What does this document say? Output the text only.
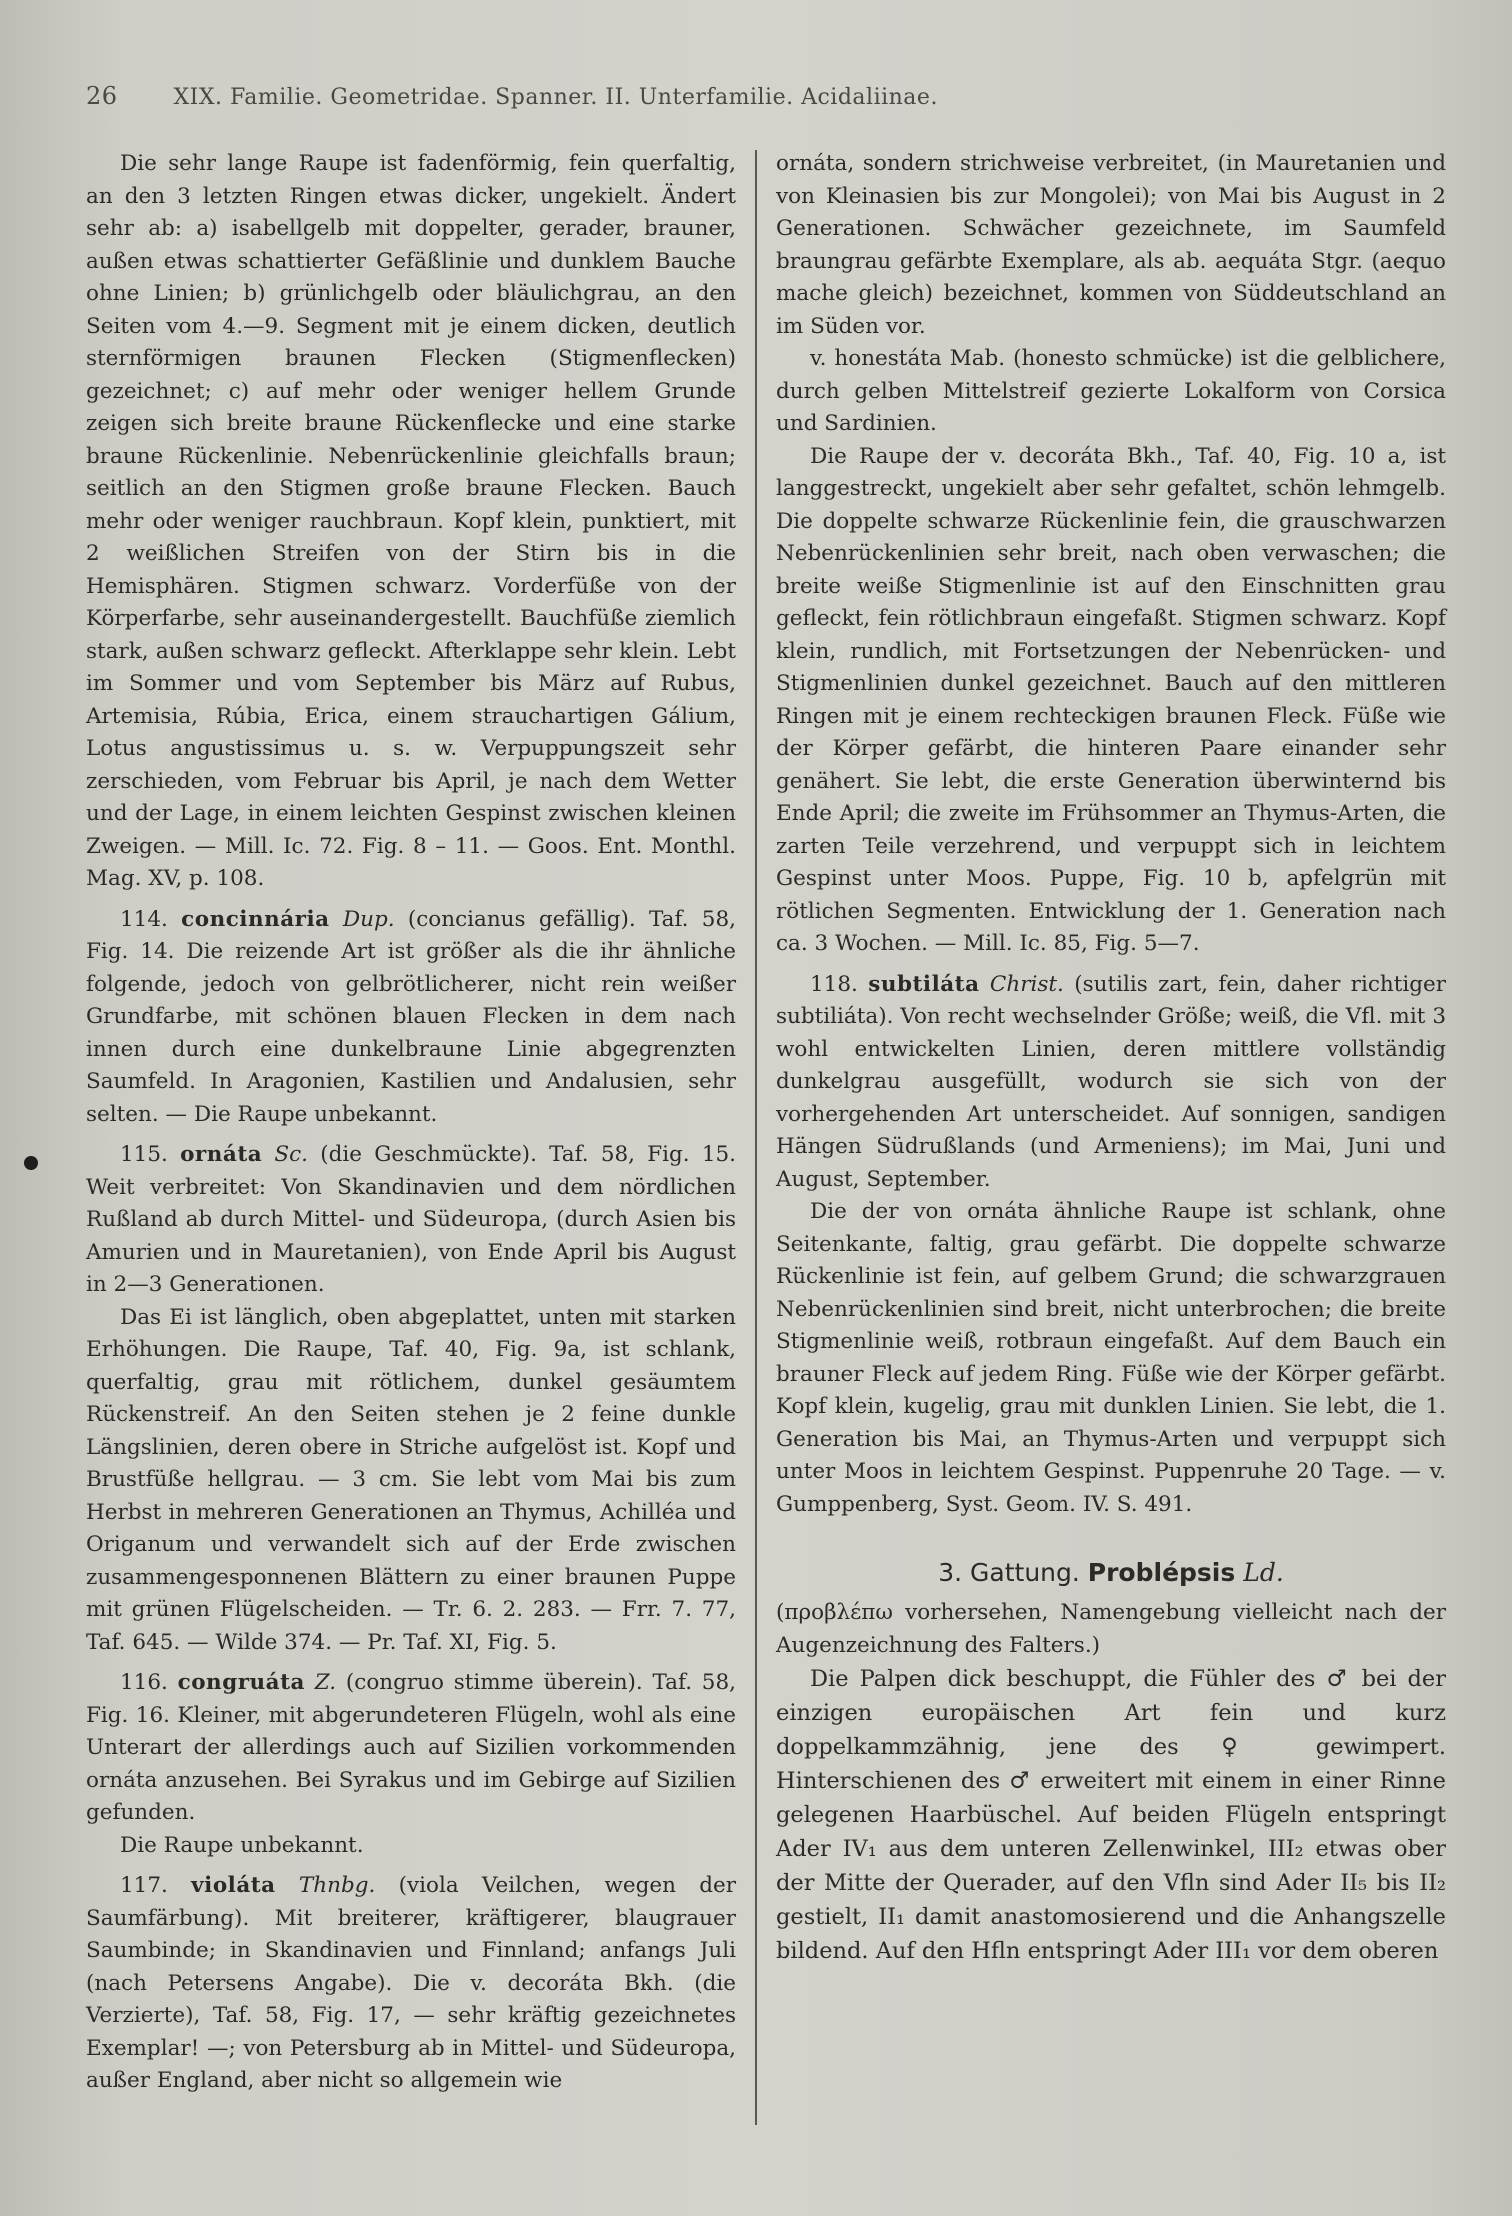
26	XIX. Familie. Geometridae. Spanner. II. Unterfamilie. Acidaliinae.

Die sehr lange Raupe ist fadenförmig, fein querfaltig, an den 3 letzten Ringen etwas dicker, ungekielt. Ändert sehr ab: a) isabellgelb mit doppelter, gerader, brauner, außen etwas schattierter Gefäßlinie und dunklem Bauche ohne Linien; b) grünlichgelb oder bläulichgrau, an den Seiten vom 4.—9. Segment mit je einem dicken, deutlich sternförmigen braunen Flecken (Stigmenflecken) gezeichnet; c) auf mehr oder weniger hellem Grunde zeigen sich breite braune Rückenflecke und eine starke braune Rückenlinie. Nebenrückenlinie gleichfalls braun; seitlich an den Stigmen große braune Flecken. Bauch mehr oder weniger rauchbraun. Kopf klein, punktiert, mit 2 weißlichen Streifen von der Stirn bis in die Hemisphären. Stigmen schwarz. Vorderfüße von der Körperfarbe, sehr auseinandergestellt. Bauchfüße ziemlich stark, außen schwarz gefleckt. Afterklappe sehr klein. Lebt im Sommer und vom September bis März auf Rubus, Artemisia, Rúbia, Erica, einem strauchartigen Gálium, Lotus angustissimus u. s. w. Verpuppungszeit sehr zerschieden, vom Februar bis April, je nach dem Wetter und der Lage, in einem leichten Gespinst zwischen kleinen Zweigen. — Mill. Ic. 72. Fig. 8 – 11. — Goos. Ent. Monthl. Mag. XV, p. 108.

114. concinnária Dup. (concianus gefällig). Taf. 58, Fig. 14. Die reizende Art ist größer als die ihr ähnliche folgende, jedoch von gelbrötlicherer, nicht rein weißer Grundfarbe, mit schönen blauen Flecken in dem nach innen durch eine dunkelbraune Linie abgegrenzten Saumfeld. In Aragonien, Kastilien und Andalusien, sehr selten. — Die Raupe unbekannt.

115. ornáta Sc. (die Geschmückte). Taf. 58, Fig. 15. Weit verbreitet: Von Skandinavien und dem nördlichen Rußland ab durch Mittel- und Südeuropa, (durch Asien bis Amurien und in Mauretanien), von Ende April bis August in 2—3 Generationen.

Das Ei ist länglich, oben abgeplattet, unten mit starken Erhöhungen. Die Raupe, Taf. 40, Fig. 9a, ist schlank, querfaltig, grau mit rötlichem, dunkel gesäumtem Rückenstreif. An den Seiten stehen je 2 feine dunkle Längslinien, deren obere in Striche aufgelöst ist. Kopf und Brustfüße hellgrau. — 3 cm. Sie lebt vom Mai bis zum Herbst in mehreren Generationen an Thymus, Achilléa und Origanum und verwandelt sich auf der Erde zwischen zusammengesponnenen Blättern zu einer braunen Puppe mit grünen Flügelscheiden. — Tr. 6. 2. 283. — Frr. 7. 77, Taf. 645. — Wilde 374. — Pr. Taf. XI, Fig. 5.

116. congruáta Z. (congruo stimme überein). Taf. 58, Fig. 16. Kleiner, mit abgerundeteren Flügeln, wohl als eine Unterart der allerdings auch auf Sizilien vorkommenden ornáta anzusehen. Bei Syrakus und im Gebirge auf Sizilien gefunden.

Die Raupe unbekannt.

117. violáta Thnbg. (viola Veilchen, wegen der Saumfärbung). Mit breiterer, kräftigerer, blaugrauer Saumbinde; in Skandinavien und Finnland; anfangs Juli (nach Petersens Angabe). Die v. decoráta Bkh. (die Verzierte), Taf. 58, Fig. 17, — sehr kräftig gezeichnetes Exemplar! —; von Petersburg ab in Mittel- und Südeuropa, außer England, aber nicht so allgemein wie

ornáta, sondern strichweise verbreitet, (in Mauretanien und von Kleinasien bis zur Mongolei); von Mai bis August in 2 Generationen. Schwächer gezeichnete, im Saumfeld braungrau gefärbte Exemplare, als ab. aequáta Stgr. (aequo mache gleich) bezeichnet, kommen von Süddeutschland an im Süden vor.

v. honestáta Mab. (honesto schmücke) ist die gelblichere, durch gelben Mittelstreif gezierte Lokalform von Corsica und Sardinien.

Die Raupe der v. decoráta Bkh., Taf. 40, Fig. 10 a, ist langgestreckt, ungekielt aber sehr gefaltet, schön lehmgelb. Die doppelte schwarze Rückenlinie fein, die grauschwarzen Nebenrückenlinien sehr breit, nach oben verwaschen; die breite weiße Stigmenlinie ist auf den Einschnitten grau gefleckt, fein rötlichbraun eingefaßt. Stigmen schwarz. Kopf klein, rundlich, mit Fortsetzungen der Nebenrücken- und Stigmenlinien dunkel gezeichnet. Bauch auf den mittleren Ringen mit je einem rechteckigen braunen Fleck. Füße wie der Körper gefärbt, die hinteren Paare einander sehr genähert. Sie lebt, die erste Generation überwinternd bis Ende April; die zweite im Frühsommer an Thymus-Arten, die zarten Teile verzehrend, und verpuppt sich in leichtem Gespinst unter Moos. Puppe, Fig. 10 b, apfelgrün mit rötlichen Segmenten. Entwicklung der 1. Generation nach ca. 3 Wochen. — Mill. Ic. 85, Fig. 5—7.

118. subtiláta Christ. (sutilis zart, fein, daher richtiger subtiliáta). Von recht wechselnder Größe; weiß, die Vfl. mit 3 wohl entwickelten Linien, deren mittlere vollständig dunkelgrau ausgefüllt, wodurch sie sich von der vorhergehenden Art unterscheidet. Auf sonnigen, sandigen Hängen Südrußlands (und Armeniens); im Mai, Juni und August, September.

Die der von ornáta ähnliche Raupe ist schlank, ohne Seitenkante, faltig, grau gefärbt. Die doppelte schwarze Rückenlinie ist fein, auf gelbem Grund; die schwarzgrauen Nebenrückenlinien sind breit, nicht unterbrochen; die breite Stigmenlinie weiß, rotbraun eingefaßt. Auf dem Bauch ein brauner Fleck auf jedem Ring. Füße wie der Körper gefärbt. Kopf klein, kugelig, grau mit dunklen Linien. Sie lebt, die 1. Generation bis Mai, an Thymus-Arten und verpuppt sich unter Moos in leichtem Gespinst. Puppenruhe 20 Tage. — v. Gumppenberg, Syst. Geom. IV. S. 491.

3. Gattung. Problépsis Ld.

(προβλέπω vorhersehen, Namengebung vielleicht nach der Augenzeichnung des Falters.)

Die Palpen dick beschuppt, die Fühler des ♂ bei der einzigen europäischen Art fein und kurz doppelkammzähnig, jene des ♀ gewimpert. Hinterschienen des ♂ erweitert mit einem in einer Rinne gelegenen Haarbüschel. Auf beiden Flügeln entspringt Ader IV₁ aus dem unteren Zellenwinkel, III₂ etwas ober der Mitte der Querader, auf den Vfln sind Ader II₅ bis II₂ gestielt, II₁ damit anastomosierend und die Anhangszelle bildend. Auf den Hfln entspringt Ader III₁ vor dem oberen
